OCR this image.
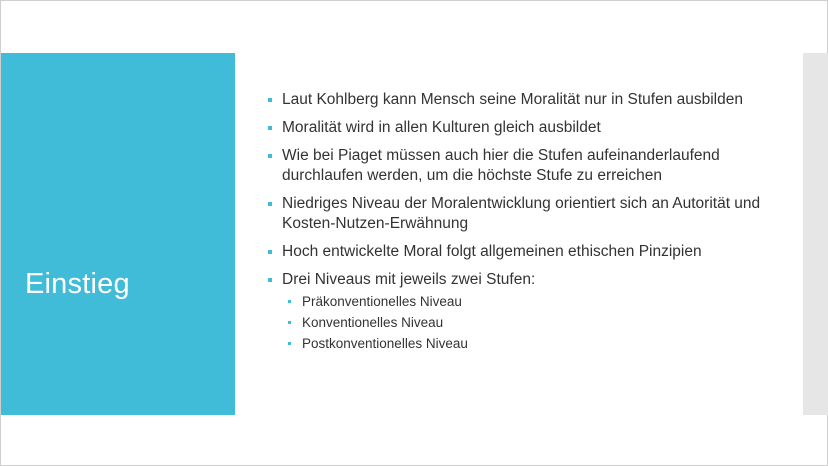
Einstieg
Laut Kohlberg kann Mensch seine Moralität nur in Stufen ausbilden
Moralität wird in allen Kulturen gleich ausbildet
Wie bei Piaget müssen auch hier die Stufen aufeinanderlaufend durchlaufen werden, um die höchste Stufe zu erreichen
Niedriges Niveau der Moralentwicklung orientiert sich an Autorität und Kosten-Nutzen-Erwähnung
Hoch entwickelte Moral folgt allgemeinen ethischen Pinzipien
Drei Niveaus mit jeweils zwei Stufen:
Präkonventionelles Niveau
Konventionelles Niveau
Postkonventionelles Niveau
